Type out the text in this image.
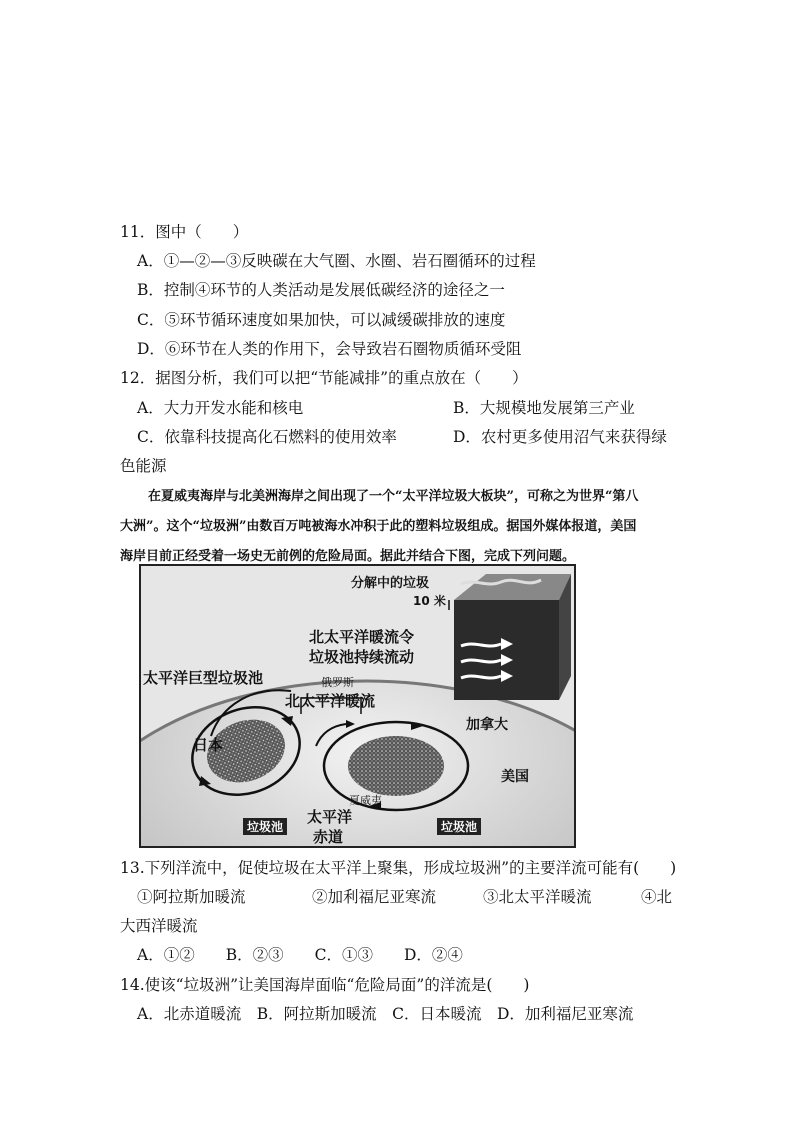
11．图中（　　）
A．①—②—③反映碳在大气圈、水圈、岩石圈循环的过程
B．控制④环节的人类活动是发展低碳经济的途径之一
C．⑤环节循环速度如果加快，可以减缓碳排放的速度
D．⑥环节在人类的作用下，会导致岩石圈物质循环受阻
12．据图分析，我们可以把“节能减排”的重点放在（　　）
A．大力开发水能和核电	B．大规模地发展第三产业
C．依靠科技提高化石燃料的使用效率	D．农村更多使用沼气来获得绿
色能源
在夏威夷海岸与北美洲海岸之间出现了一个“太平洋垃圾大板块”，可称之为世界“第八
大洲”。这个“垃圾洲”由数百万吨被海水冲积于此的塑料垃圾组成。据国外媒体报道，美国
海岸目前正经受着一场史无前例的危险局面。据此并结合下图，完成下列问题。
分解中的垃圾
10 米
北太平洋暖流令
垃圾池持续流动
太平洋巨型垃圾池	俄罗斯
北太平洋暖流
加拿大
日本
美国
夏威夷
太平洋
赤道
垃圾池	垃圾池
13.下列洋流中，促使垃圾在太平洋上聚集，形成垃圾洲”的主要洋流可能有(　　)
①阿拉斯加暖流	②加利福尼亚寒流	③北太平洋暖流	④北
大西洋暖流
A．①②　　B．②③　　C．①③　　D．②④
14.使该“垃圾洲”让美国海岸面临“危险局面”的洋流是(　　)
A．北赤道暖流　B．阿拉斯加暖流　C．日本暖流　D．加利福尼亚寒流
